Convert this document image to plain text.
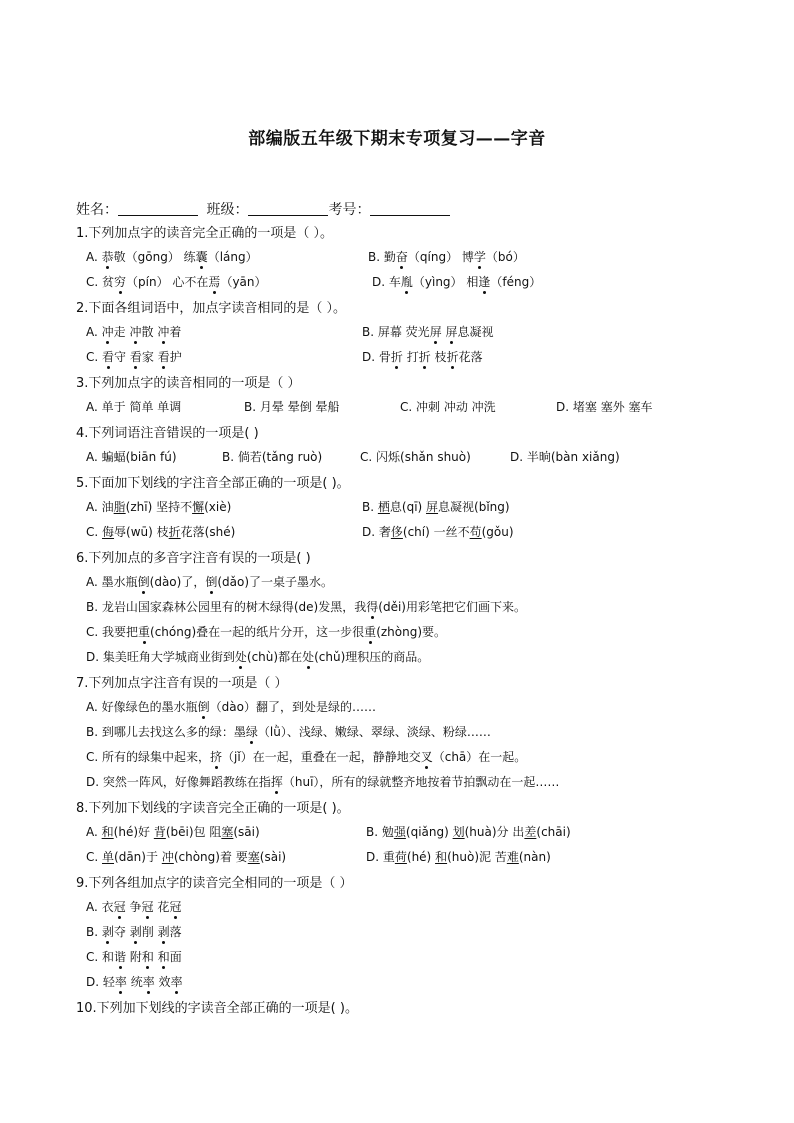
部编版五年级下期末专项复习——字音
姓名：	班级：	考号：
1.下列加点字的读音完全正确的一项是（ ）。
A. 恭敬（gōng） 练囊（láng）	B. 勤奋（qíng） 博学（bó）
C. 贫穷（pín） 心不在焉（yān）	D. 车胤（yìng） 相逢（féng）
2.下面各组词语中，加点字读音相同的是（ ）。
A. 冲走 冲散 冲着	B. 屏幕 荧光屏 屏息凝视
C. 看守 看家 看护	D. 骨折 打折 枝折花落
3.下列加点字的读音相同的一项是（ ）
A. 单于 简单 单调	B. 月晕 晕倒 晕船	C. 冲刺 冲动 冲洗	D. 堵塞 塞外 塞车
4.下列词语注音错误的一项是( )
A. 蝙蝠(biān fú)	B. 倘若(tǎng ruò)	C. 闪烁(shǎn shuò)	D. 半晌(bàn xiǎng)
5.下面加下划线的字注音全部正确的一项是( )。
A. 油脂(zhī) 坚持不懈(xiè)	B. 栖息(qī) 屏息凝视(bǐng)
C. 侮辱(wū) 枝折花落(shé)	D. 奢侈(chí) 一丝不苟(gǒu)
6.下列加点的多音字注音有误的一项是( )
A. 墨水瓶倒(dào)了，倒(dǎo)了一桌子墨水。
B. 龙岩山国家森林公园里有的树木绿得(de)发黑，我得(děi)用彩笔把它们画下来。
C. 我要把重(chóng)叠在一起的纸片分开，这一步很重(zhòng)要。
D. 集美旺角大学城商业街到处(chù)都在处(chǔ)理积压的商品。
7.下列加点字注音有误的一项是（ ）
A. 好像绿色的墨水瓶倒（dào）翻了，到处是绿的……
B. 到哪儿去找这么多的绿：墨绿（lǜ）、浅绿、嫩绿、翠绿、淡绿、粉绿……
C. 所有的绿集中起来，挤（jǐ）在一起，重叠在一起，静静地交叉（chā）在一起。
D. 突然一阵风，好像舞蹈教练在指挥（huī），所有的绿就整齐地按着节拍飘动在一起……
8.下列加下划线的字读音完全正确的一项是( )。
A. 和(hé)好 背(bēi)包 阻塞(sāi)	B. 勉强(qiǎng) 划(huà)分 出差(chāi)
C. 单(dān)于 冲(chòng)着 要塞(sài)	D. 重荷(hé) 和(huò)泥 苦难(nàn)
9.下列各组加点字的读音完全相同的一项是（ ）
A. 衣冠 争冠 花冠
B. 剥夺 剥削 剥落
C. 和谐 附和 和面
D. 轻率 统率 效率
10.下列加下划线的字读音全部正确的一项是( )。
